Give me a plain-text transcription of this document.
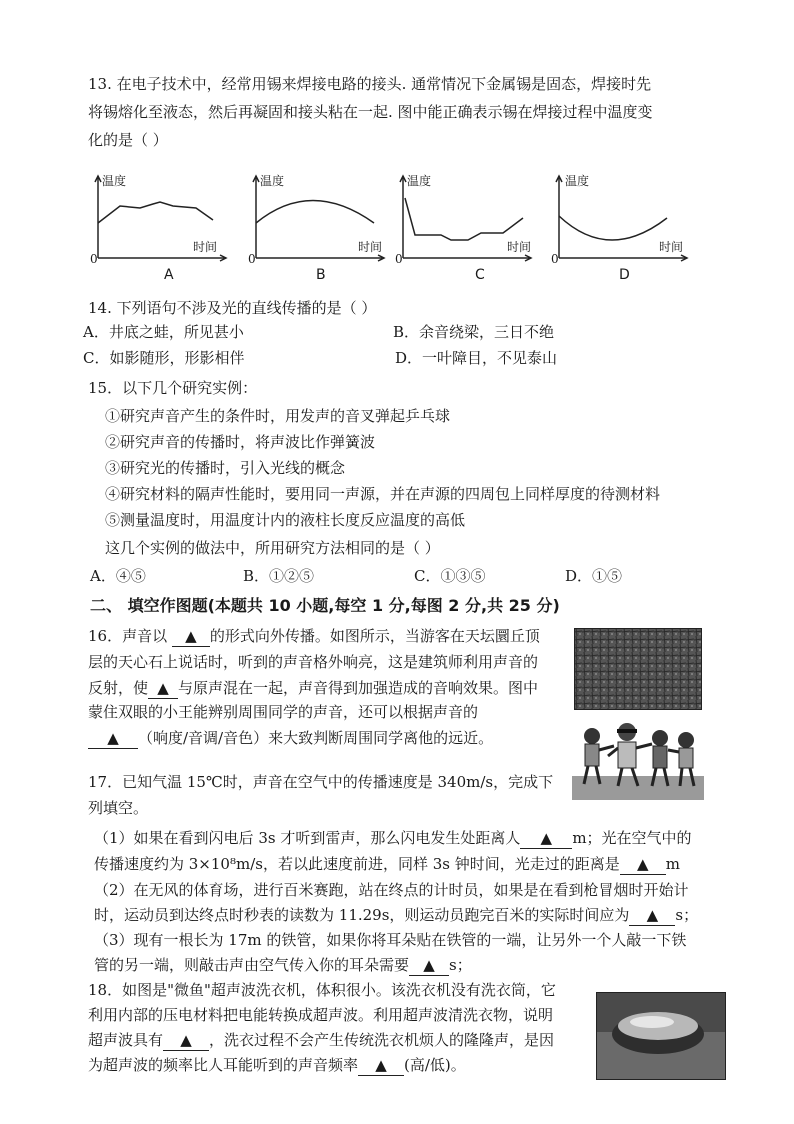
13. 在电子技术中，经常用锡来焊接电路的接头. 通常情况下金属锡是固态，焊接时先
将锡熔化至液态，然后再凝固和接头粘在一起. 图中能正确表示锡在焊接过程中温度变
化的是（ ）
温度
时间
0
A
温度
时间
0
B
温度
时间
0
C
温度
时间
0
D
14. 下列语句不涉及光的直线传播的是（ ）
A．井底之蛙，所见甚小	B．余音绕梁，三日不绝
C．如影随形，形影相伴	D．一叶障目，不见泰山
15．以下几个研究实例：
①研究声音产生的条件时，用发声的音叉弹起乒乓球
②研究声音的传播时，将声波比作弹簧波
③研究光的传播时，引入光线的概念
④研究材料的隔声性能时，要用同一声源，并在声源的四周包上同样厚度的待测材料
⑤测量温度时，用温度计内的液柱长度反应温度的高低
这几个实例的做法中，所用研究方法相同的是（ ）
A．④⑤	B．①②⑤	C．①③⑤	D．①⑤
二、 填空作图题(本题共 10 小题,每空 1 分,每图 2 分,共 25 分)
16．声音以 ▲ 的形式向外传播。如图所示，当游客在天坛圜丘顶
层的天心石上说话时，听到的声音格外响亮，这是建筑师利用声音的
反射，使 ▲ 与原声混在一起，声音得到加强造成的音响效果。图中
蒙住双眼的小王能辨别周围同学的声音，还可以根据声音的
▲ （响度/音调/音色）来大致判断周围同学离他的远近。
17．已知气温 15℃时，声音在空气中的传播速度是 340m/s，完成下
列填空。
（1）如果在看到闪电后 3s 才听到雷声，那么闪电发生处距离人 ▲ m；光在空气中的
传播速度约为 3×10⁸m/s，若以此速度前进，同样 3s 钟时间，光走过的距离是 ▲ m
（2）在无风的体育场，进行百米赛跑，站在终点的计时员，如果是在看到枪冒烟时开始计
时，运动员到达终点时秒表的读数为 11.29s，则运动员跑完百米的实际时间应为 ▲ s；
（3）现有一根长为 17m 的铁管，如果你将耳朵贴在铁管的一端，让另外一个人敲一下铁
管的另一端，则敲击声由空气传入你的耳朵需要 ▲ s；
18．如图是"微鱼"超声波洗衣机，体积很小。该洗衣机没有洗衣筒，它
利用内部的压电材料把电能转换成超声波。利用超声波清洗衣物，说明
超声波具有 ▲ ，洗衣过程不会产生传统洗衣机烦人的隆隆声，是因
为超声波的频率比人耳能听到的声音频率 ▲ (高/低)。
